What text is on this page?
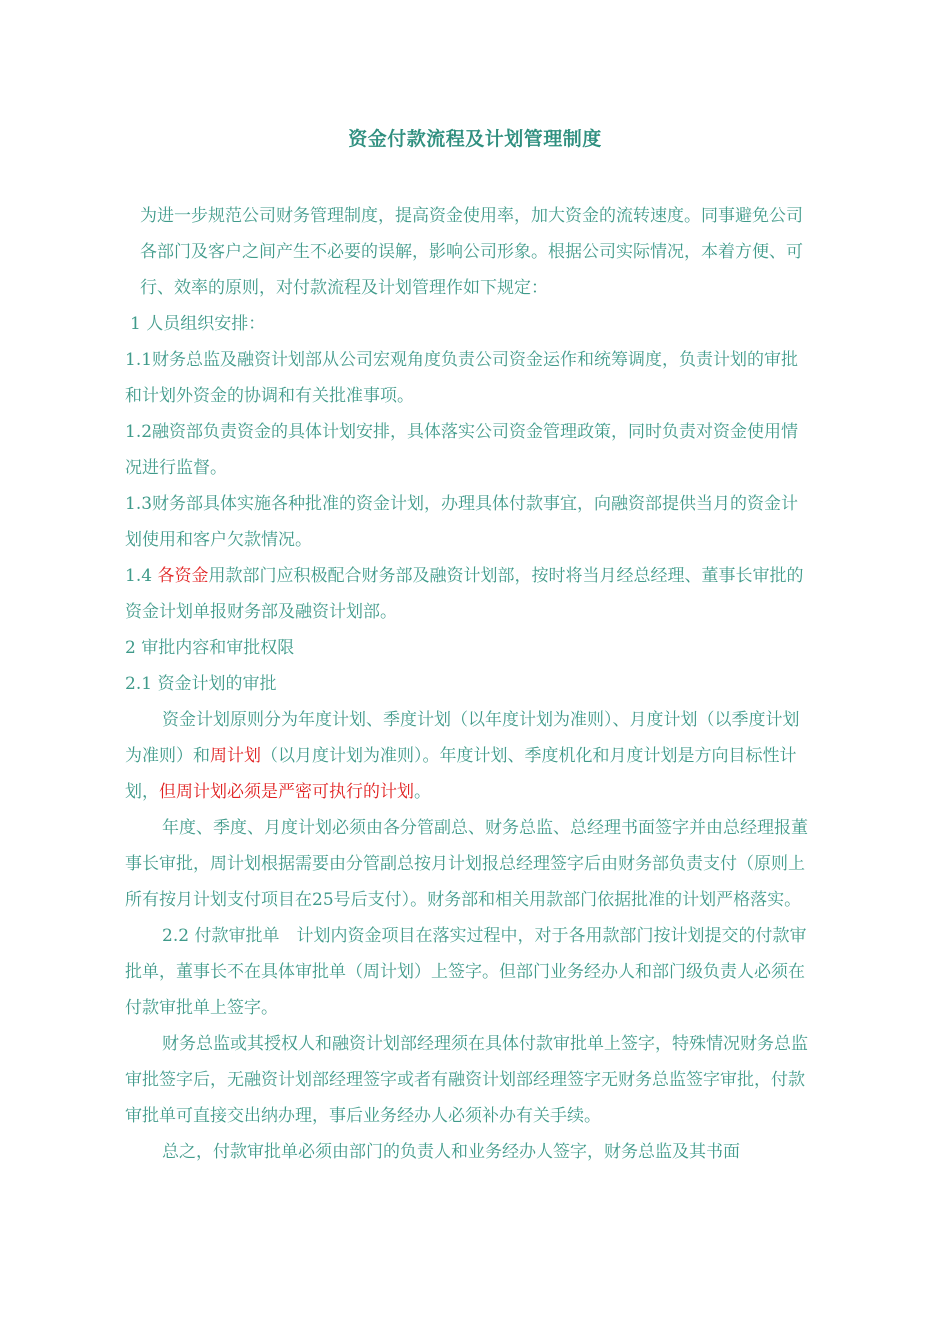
资金付款流程及计划管理制度

为进一步规范公司财务管理制度，提高资金使用率，加大资金的流转速度。同事避免公司各部门及客户之间产生不必要的误解，影响公司形象。根据公司实际情况，本着方便、可行、效率的原则，对付款流程及计划管理作如下规定：

1 人员组织安排：

1.1财务总监及融资计划部从公司宏观角度负责公司资金运作和统筹调度，负责计划的审批和计划外资金的协调和有关批准事项。

1.2融资部负责资金的具体计划安排，具体落实公司资金管理政策，同时负责对资金使用情况进行监督。

1.3财务部具体实施各种批准的资金计划，办理具体付款事宜，向融资部提供当月的资金计划使用和客户欠款情况。

1.4 各资金用款部门应积极配合财务部及融资计划部，按时将当月经总经理、董事长审批的资金计划单报财务部及融资计划部。

2 审批内容和审批权限

2.1 资金计划的审批

资金计划原则分为年度计划、季度计划（以年度计划为准则）、月度计划（以季度计划为准则）和周计划（以月度计划为准则）。年度计划、季度机化和月度计划是方向目标性计划，但周计划必须是严密可执行的计划。

年度、季度、月度计划必须由各分管副总、财务总监、总经理书面签字并由总经理报董事长审批，周计划根据需要由分管副总按月计划报总经理签字后由财务部负责支付（原则上所有按月计划支付项目在25号后支付）。财务部和相关用款部门依据批准的计划严格落实。

2.2 付款审批单　计划内资金项目在落实过程中，对于各用款部门按计划提交的付款审批单，董事长不在具体审批单（周计划）上签字。但部门业务经办人和部门级负责人必须在付款审批单上签字。

财务总监或其授权人和融资计划部经理须在具体付款审批单上签字，特殊情况财务总监审批签字后，无融资计划部经理签字或者有融资计划部经理签字无财务总监签字审批，付款审批单可直接交出纳办理，事后业务经办人必须补办有关手续。

总之，付款审批单必须由部门的负责人和业务经办人签字，财务总监及其书面
